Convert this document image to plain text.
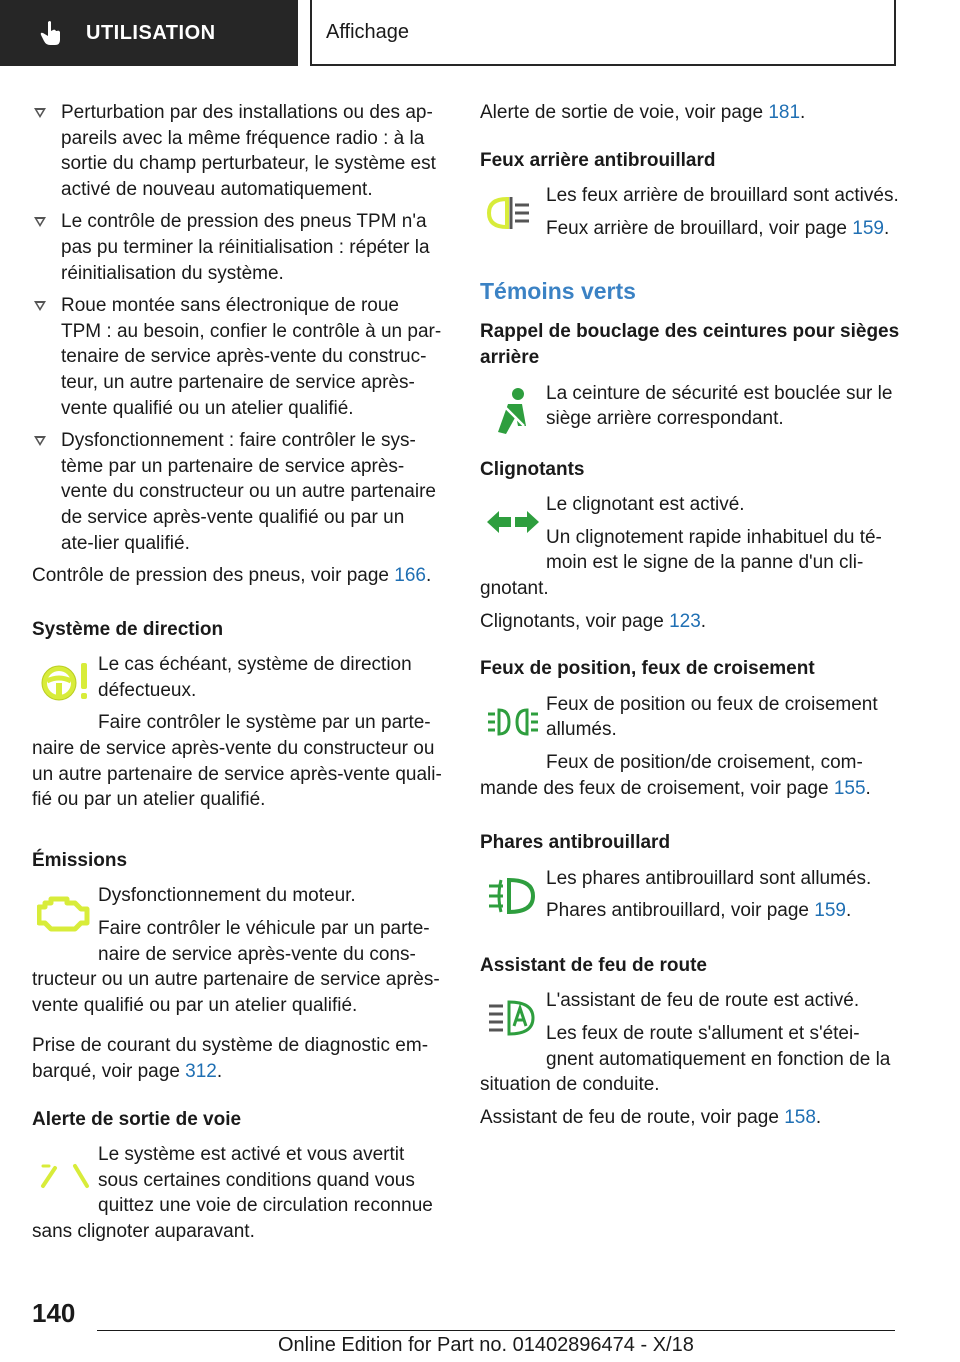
UTILISATION	Affichage
Perturbation par des installations ou des ap-pareils avec la même fréquence radio : à la sortie du champ perturbateur, le système est activé de nouveau automatiquement.
Le contrôle de pression des pneus TPM n'a pas pu terminer la réinitialisation : répéter la réinitialisation du système.
Roue montée sans électronique de roue TPM : au besoin, confier le contrôle à un par-tenaire de service après-vente du construc-teur, un autre partenaire de service après-vente qualifié ou un atelier qualifié.
Dysfonctionnement : faire contrôler le sys-tème par un partenaire de service après-vente du constructeur ou un autre partenaire de service après-vente qualifié ou par un ate-lier qualifié.

Contrôle de pression des pneus, voir page 166.

Système de direction

Le cas échéant, système de direction défectueux.

Faire contrôler le système par un parte-naire de service après-vente du constructeur ou un autre partenaire de service après-vente quali-fié ou par un atelier qualifié.

Émissions

Dysfonctionnement du moteur.

Faire contrôler le véhicule par un parte-naire de service après-vente du cons-tructeur ou un autre partenaire de service après-vente qualifié ou par un atelier qualifié.

Prise de courant du système de diagnostic em-barqué, voir page 312.

Alerte de sortie de voie

Le système est activé et vous avertit sous certaines conditions quand vous quittez une voie de circulation reconnue sans clignoter auparavant.

Alerte de sortie de voie, voir page 181.

Feux arrière antibrouillard

Les feux arrière de brouillard sont activés.

Feux arrière de brouillard, voir page 159.

Témoins verts
Rappel de bouclage des ceintures pour sièges arrière

La ceinture de sécurité est bouclée sur le siège arrière correspondant.

Clignotants

Le clignotant est activé.

Un clignotement rapide inhabituel du té-moin est le signe de la panne d'un cli-gnotant.

Clignotants, voir page 123.

Feux de position, feux de croisement

Feux de position ou feux de croisement allumés.

Feux de position/de croisement, com-mande des feux de croisement, voir page 155.

Phares antibrouillard

Les phares antibrouillard sont allumés.

Phares antibrouillard, voir page 159.

Assistant de feu de route

L'assistant de feu de route est activé.

Les feux de route s'allument et s'étei-gnent automatiquement en fonction de la situation de conduite.

Assistant de feu de route, voir page 158.

140
Online Edition for Part no. 01402896474 - X/18
